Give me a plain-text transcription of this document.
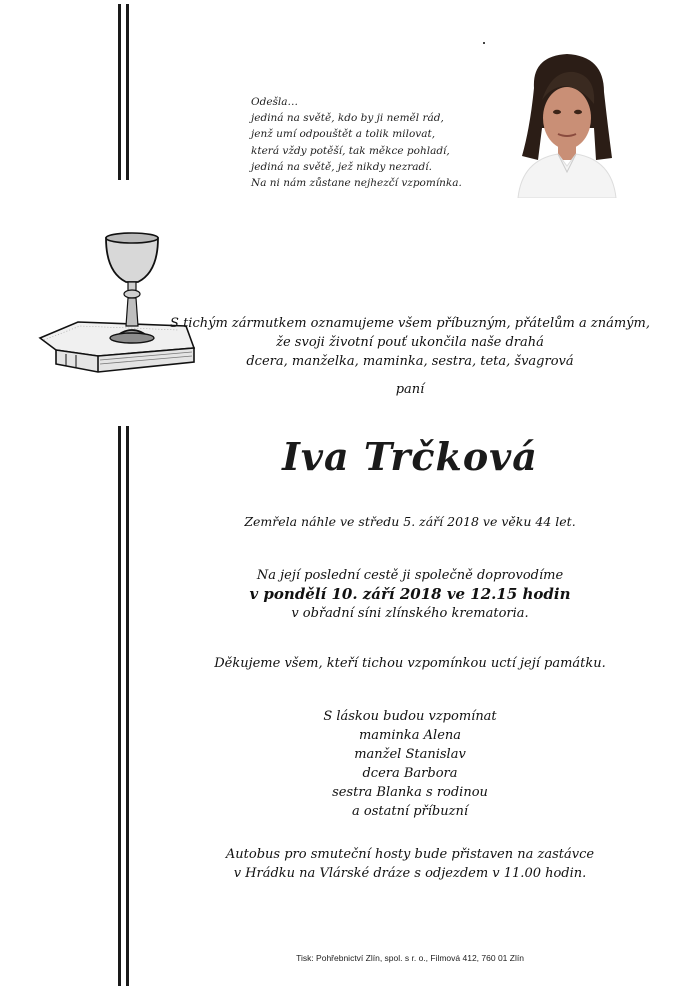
Odešla…
jediná na světě, kdo by ji neměl rád,
jenž umí odpouštět a tolik milovat,
která vždy potěší, tak měkce pohladí,
jediná na světě, jež nikdy nezradí.
Na ni nám zůstane nejhezčí vzpomínka.
S tichým zármutkem oznamujeme všem příbuzným, přátelům a známým,
že svoji životní pouť ukončila naše drahá
dcera, manželka, maminka, sestra, teta, švagrová
paní
Iva Trčková
Zemřela náhle ve středu 5. září 2018 ve věku 44 let.
Na její poslední cestě ji společně doprovodíme
v pondělí 10. září 2018 ve 12.15 hodin
v obřadní síni zlínského krematoria.
Děkujeme všem, kteří tichou vzpomínkou uctí její památku.
S láskou budou vzpomínat
maminka Alena
manžel Stanislav
dcera Barbora
sestra Blanka s rodinou
a ostatní příbuzní
Autobus pro smuteční hosty bude přistaven na zastávce
v Hrádku na Vlárské dráze s odjezdem v 11.00 hodin.
Tisk: Pohřebnictví Zlín, spol. s r. o., Filmová 412, 760 01 Zlín
